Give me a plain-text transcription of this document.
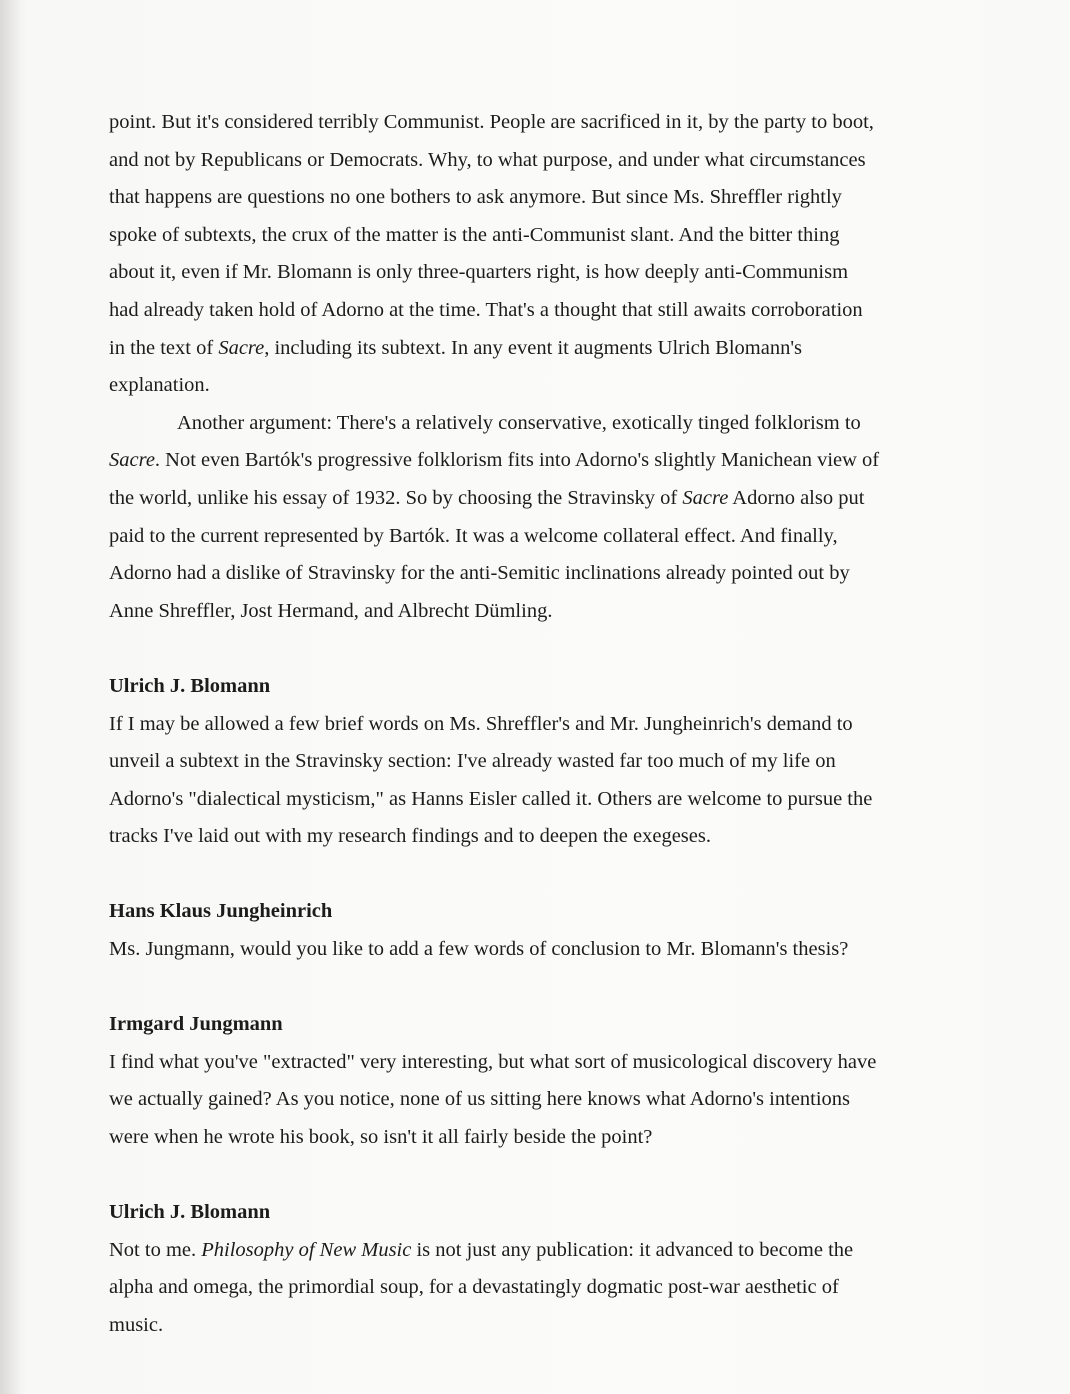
point. But it's considered terribly Communist. People are sacrificed in it, by the party to boot,
and not by Republicans or Democrats. Why, to what purpose, and under what circumstances
that happens are questions no one bothers to ask anymore. But since Ms. Shreffler rightly
spoke of subtexts, the crux of the matter is the anti-Communist slant. And the bitter thing
about it, even if Mr. Blomann is only three-quarters right, is how deeply anti-Communism
had already taken hold of Adorno at the time. That's a thought that still awaits corroboration
in the text of Sacre, including its subtext. In any event it augments Ulrich Blomann's
explanation.
Another argument: There's a relatively conservative, exotically tinged folklorism to
Sacre. Not even Bartók's progressive folklorism fits into Adorno's slightly Manichean view of
the world, unlike his essay of 1932. So by choosing the Stravinsky of Sacre Adorno also put
paid to the current represented by Bartók. It was a welcome collateral effect. And finally,
Adorno had a dislike of Stravinsky for the anti-Semitic inclinations already pointed out by
Anne Shreffler, Jost Hermand, and Albrecht Dümling.
Ulrich J. Blomann
If I may be allowed a few brief words on Ms. Shreffler's and Mr. Jungheinrich's demand to
unveil a subtext in the Stravinsky section: I've already wasted far too much of my life on
Adorno's "dialectical mysticism," as Hanns Eisler called it. Others are welcome to pursue the
tracks I've laid out with my research findings and to deepen the exegeses.
Hans Klaus Jungheinrich
Ms. Jungmann, would you like to add a few words of conclusion to Mr. Blomann's thesis?
Irmgard Jungmann
I find what you've "extracted" very interesting, but what sort of musicological discovery have
we actually gained? As you notice, none of us sitting here knows what Adorno's intentions
were when he wrote his book, so isn't it all fairly beside the point?
Ulrich J. Blomann
Not to me. Philosophy of New Music is not just any publication: it advanced to become the
alpha and omega, the primordial soup, for a devastatingly dogmatic post-war aesthetic of
music.
